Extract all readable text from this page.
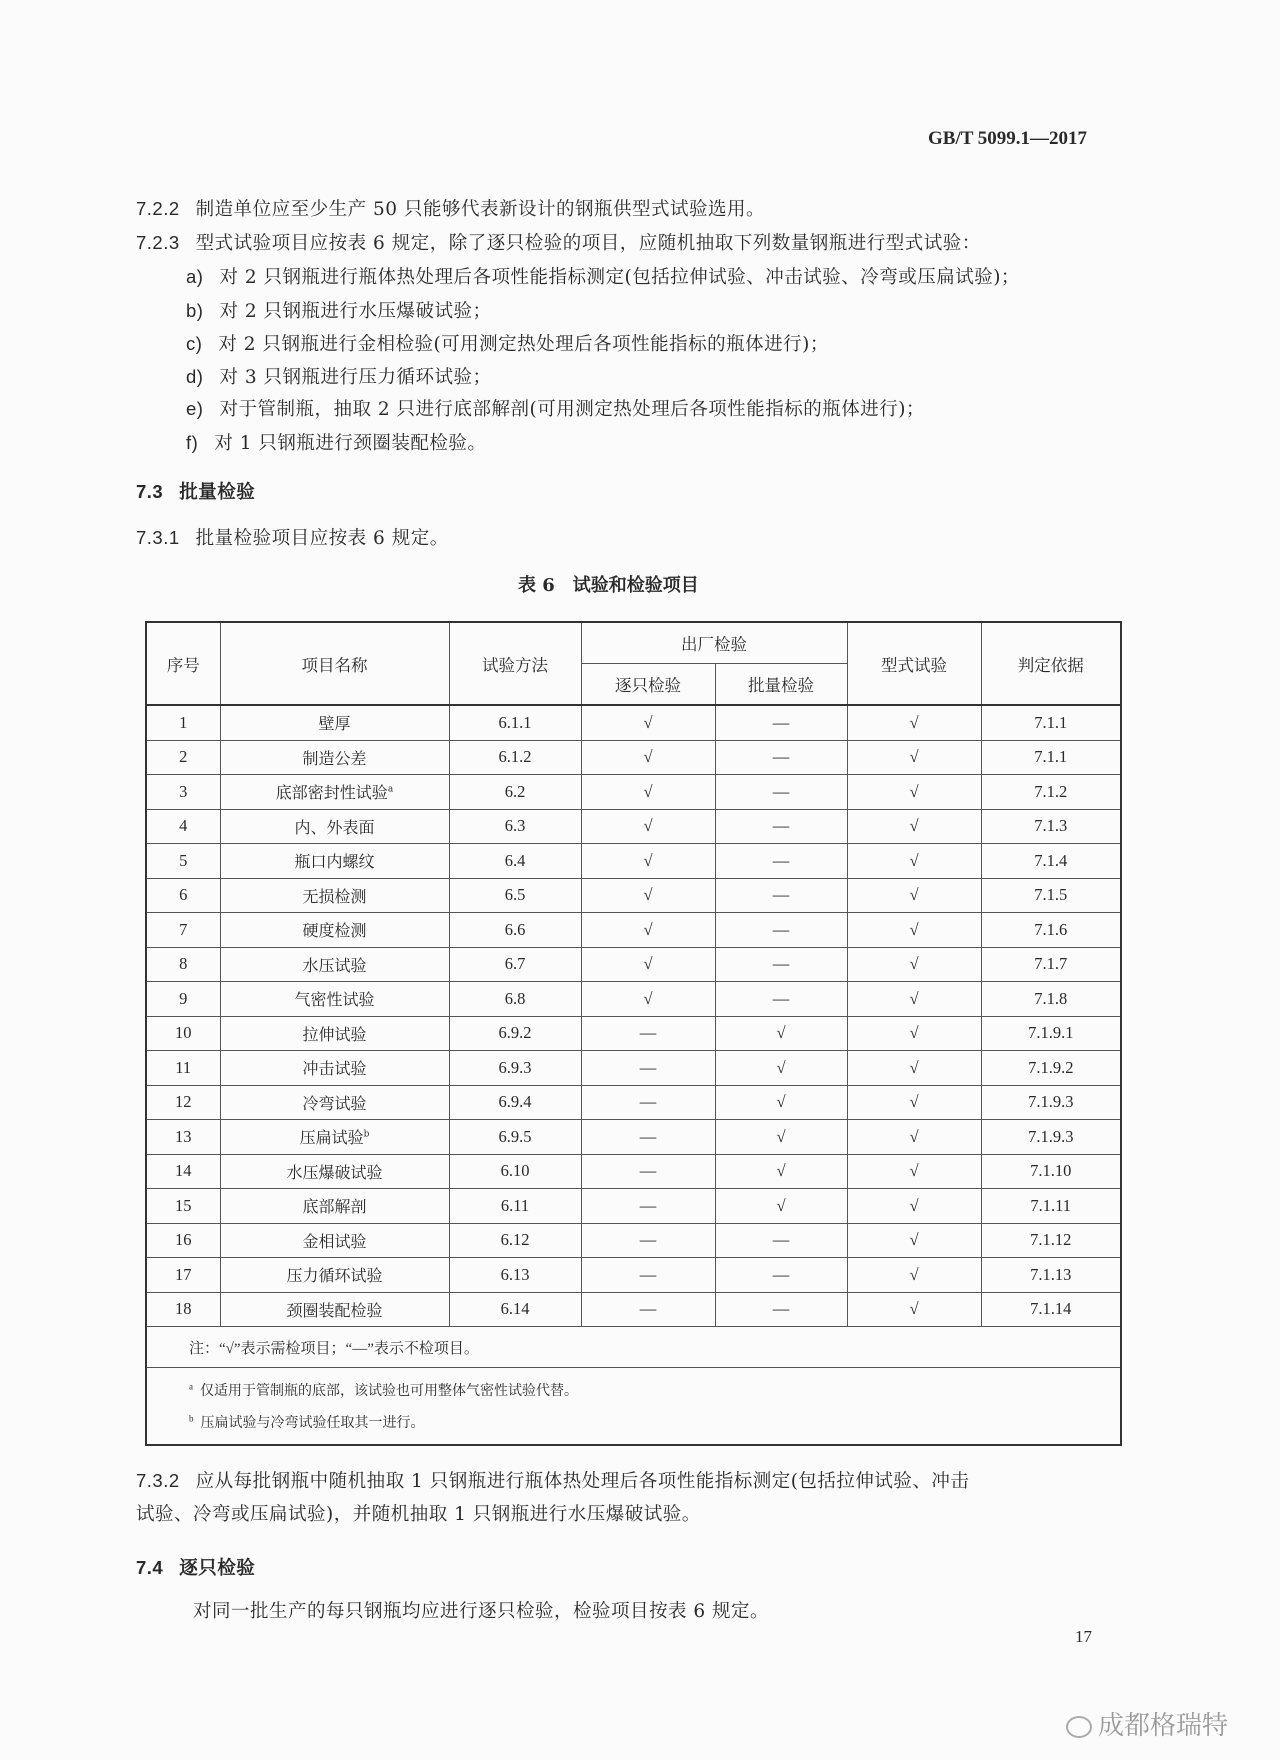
GB/T 5099.1—2017
7.2.2 制造单位应至少生产 50 只能够代表新设计的钢瓶供型式试验选用。
7.2.3 型式试验项目应按表 6 规定，除了逐只检验的项目，应随机抽取下列数量钢瓶进行型式试验：
a) 对 2 只钢瓶进行瓶体热处理后各项性能指标测定(包括拉伸试验、冲击试验、冷弯或压扁试验)；
b) 对 2 只钢瓶进行水压爆破试验；
c) 对 2 只钢瓶进行金相检验(可用测定热处理后各项性能指标的瓶体进行)；
d) 对 3 只钢瓶进行压力循环试验；
e) 对于管制瓶，抽取 2 只进行底部解剖(可用测定热处理后各项性能指标的瓶体进行)；
f) 对 1 只钢瓶进行颈圈装配检验。
7.3 批量检验
7.3.1 批量检验项目应按表 6 规定。
表 6　试验和检验项目
序号	项目名称	试验方法	出厂检验		型式试验	判定依据
			逐只检验	批量检验		
1	壁厚	6.1.1	√	—	√	7.1.1
2	制造公差	6.1.2	√	—	√	7.1.1
3	底部密封性试验$^a$	6.2	√	—	√	7.1.2
4	内、外表面	6.3	√	—	√	7.1.3
5	瓶口内螺纹	6.4	√	—	√	7.1.4
6	无损检测	6.5	√	—	√	7.1.5
7	硬度检测	6.6	√	—	√	7.1.6
8	水压试验	6.7	√	—	√	7.1.7
9	气密性试验	6.8	√	—	√	7.1.8
10	拉伸试验	6.9.2	—	√	√	7.1.9.1
11	冲击试验	6.9.3	—	√	√	7.1.9.2
12	冷弯试验	6.9.4	—	√	√	7.1.9.3
13	压扁试验$^b$	6.9.5	—	√	√	7.1.9.3
14	水压爆破试验	6.10	—	√	√	7.1.10
15	底部解剖	6.11	—	√	√	7.1.11
16	金相试验	6.12	—	—	√	7.1.12
17	压力循环试验	6.13	—	—	√	7.1.13
18	颈圈装配检验	6.14	—	—	√	7.1.14
注：“√”表示需检项目；“—”表示不检项目。						
$^a$ 仅适用于管制瓶的底部，该试验也可用整体气密性试验代替。						
$^b$ 压扁试验与冷弯试验任取其一进行。						
7.3.2 应从每批钢瓶中随机抽取 1 只钢瓶进行瓶体热处理后各项性能指标测定(包括拉伸试验、冲击
试验、冷弯或压扁试验)，并随机抽取 1 只钢瓶进行水压爆破试验。
7.4 逐只检验
对同一批生产的每只钢瓶均应进行逐只检验，检验项目按表 6 规定。
17
成都格瑞特
